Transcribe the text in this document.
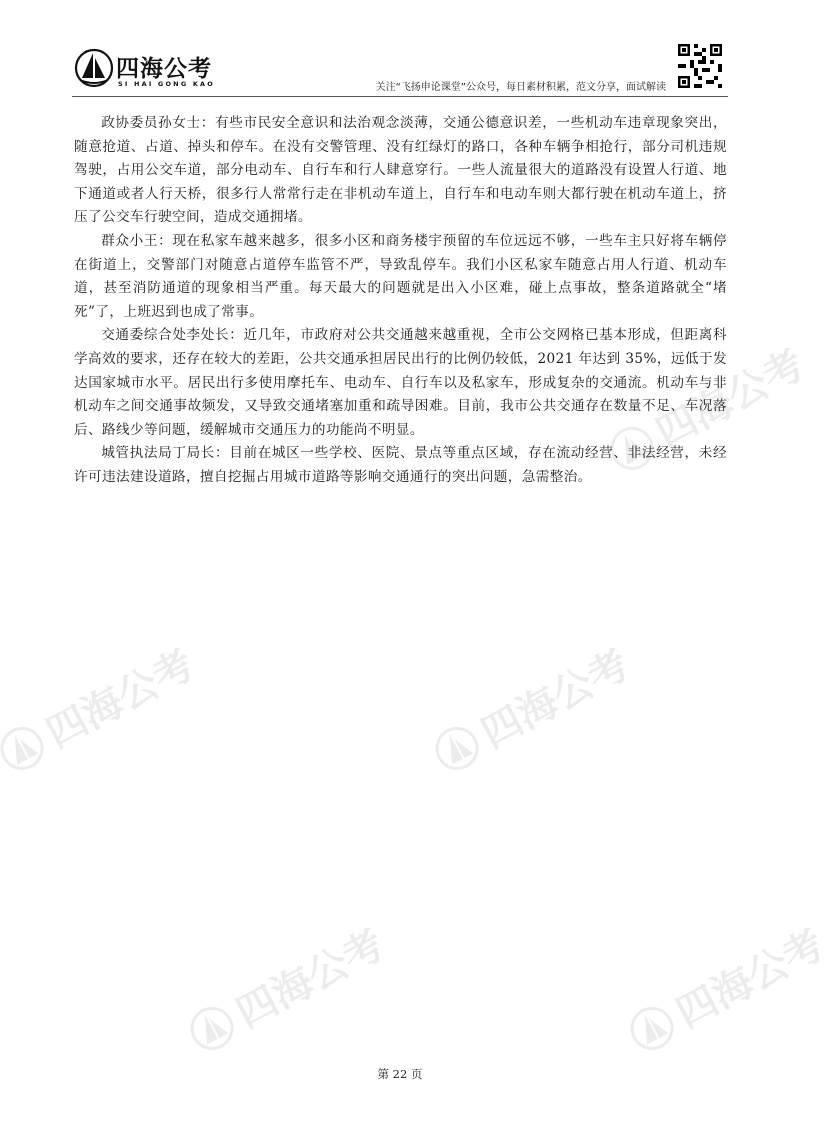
四海公考	四海公考
四海公考
四海公考	四海公考
四海公考
SI HAI GONG KAO	关注“飞扬申论课堂”公众号，每日素材积累，范文分享，面试解读

政协委员孙女士：有些市民安全意识和法治观念淡薄，交通公德意识差，一些机动车违章现象突出，随意抢道、占道、掉头和停车。在没有交警管理、没有红绿灯的路口，各种车辆争相抢行，部分司机违规驾驶，占用公交车道，部分电动车、自行车和行人肆意穿行。一些人流量很大的道路没有设置人行道、地下通道或者人行天桥，很多行人常常行走在非机动车道上，自行车和电动车则大都行驶在机动车道上，挤压了公交车行驶空间，造成交通拥堵。

群众小王：现在私家车越来越多，很多小区和商务楼宇预留的车位远远不够，一些车主只好将车辆停在街道上，交警部门对随意占道停车监管不严，导致乱停车。我们小区私家车随意占用人行道、机动车道，甚至消防通道的现象相当严重。每天最大的问题就是出入小区难，碰上点事故，整条道路就全“堵死”了，上班迟到也成了常事。

交通委综合处李处长：近几年，市政府对公共交通越来越重视，全市公交网格已基本形成，但距离科学高效的要求，还存在较大的差距，公共交通承担居民出行的比例仍较低，2021 年达到 35%，远低于发达国家城市水平。居民出行多使用摩托车、电动车、自行车以及私家车，形成复杂的交通流。机动车与非机动车之间交通事故频发，又导致交通堵塞加重和疏导困难。目前，我市公共交通存在数量不足、车况落后、路线少等问题，缓解城市交通压力的功能尚不明显。

城管执法局丁局长：目前在城区一些学校、医院、景点等重点区域，存在流动经营、非法经营，未经许可违法建设道路，擅自挖掘占用城市道路等影响交通通行的突出问题，急需整治。

第 22 页
